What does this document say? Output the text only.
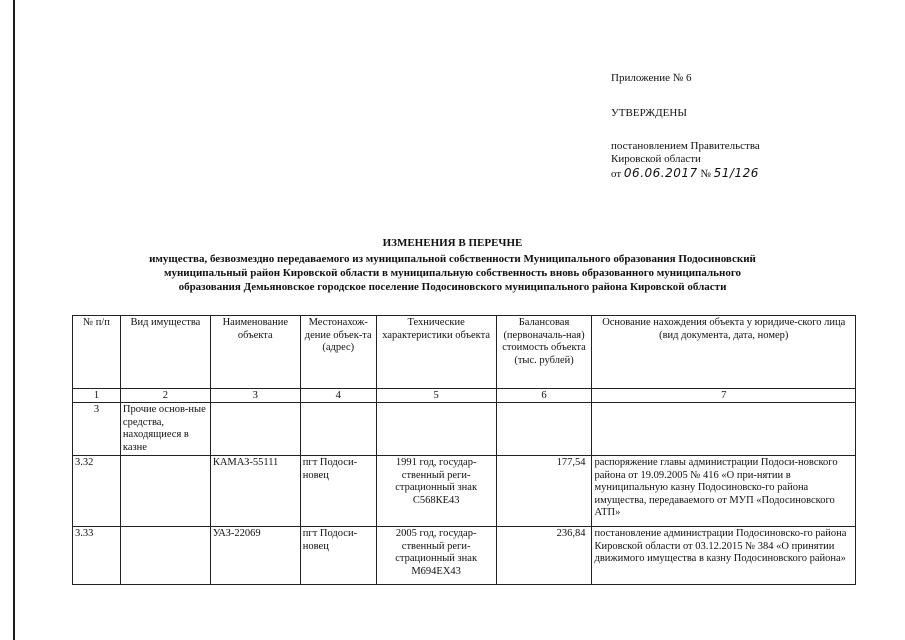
Приложение № 6
УТВЕРЖДЕНЫ
постановлением Правительства
Кировской области
от 06.06.2017 № 51/126
ИЗМЕНЕНИЯ В ПЕРЕЧНЕ
имущества, безвозмездно передаваемого из муниципальной собственности Муниципального образования Подосиновский
муниципальный район Кировской области в муниципальную собственность вновь образованного муниципального
образования Демьяновское городское поселение Подосиновского муниципального района Кировской области
№ п/п	Вид имущества	Наименование объекта	Местонахож-дение объек-та (адрес)	Технические характеристики объекта	Балансовая (первоначаль-ная) стоимость объекта (тыс. рублей)	Основание нахождения объекта у юридиче-ского лица (вид документа, дата, номер)
1	2	3	4	5	6	7
3	Прочие основ-ные средства, находящиеся в казне					
3.32		КАМАЗ-55111	пгт Подоси-новец	1991 год, государ-ственный реги-страционный знак С568КЕ43	177,54	распоряжение главы администрации Подоси-новского района от 19.09.2005 № 416 «О при-нятии в муниципальную казну Подосиновско-го района имущества, передаваемого от МУП «Подосиновского АТП»
3.33		УАЗ-22069	пгт Подоси-новец	2005 год, государ-ственный реги-страционный знак М694ЕХ43	236,84	постановление администрации Подосиновско-го района Кировской области от 03.12.2015 № 384 «О принятии движимого имущества в казну Подосиновского района»
